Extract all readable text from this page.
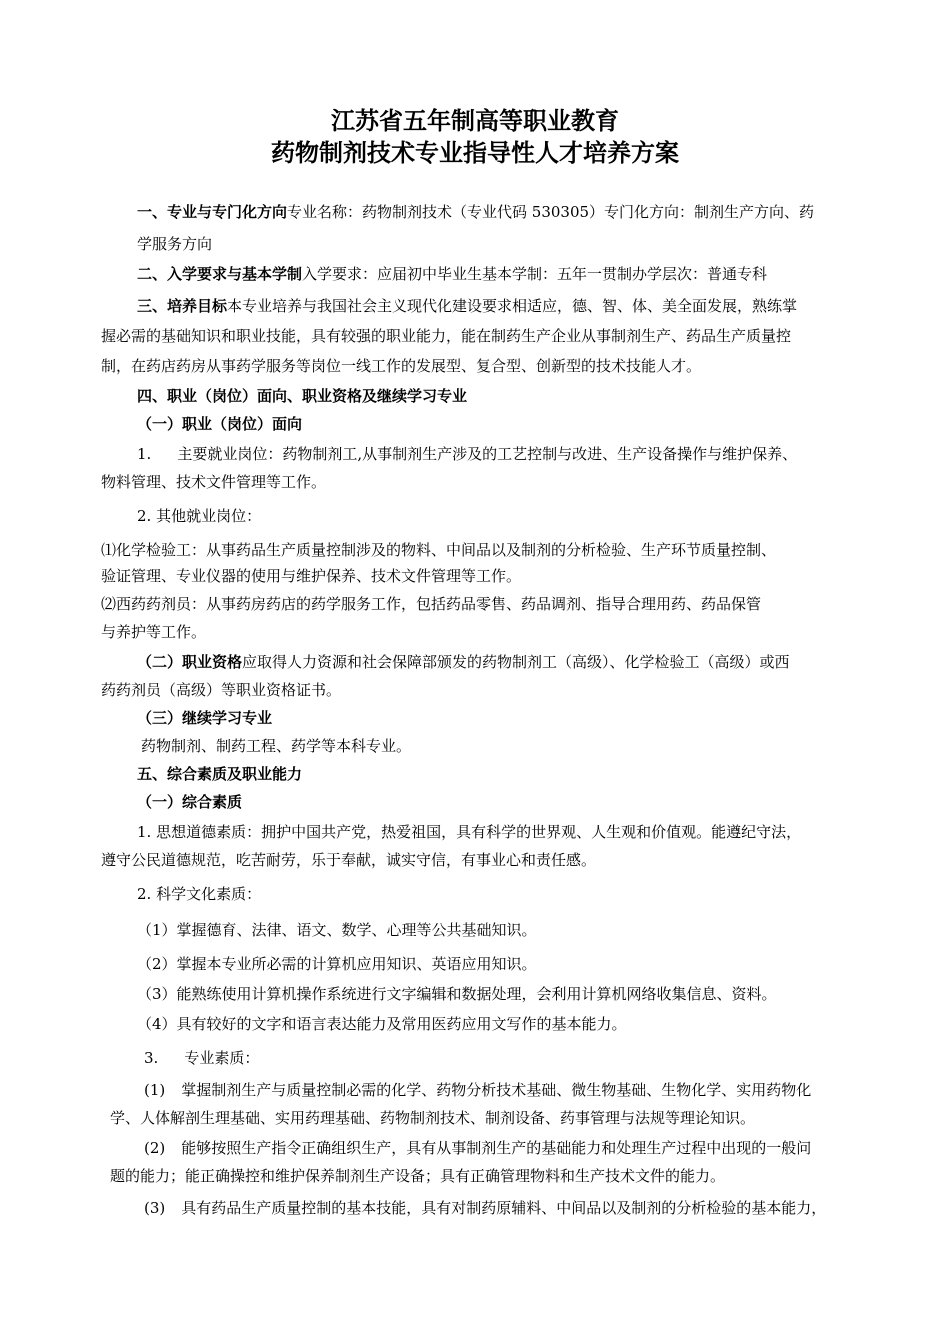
江苏省五年制高等职业教育
药物制剂技术专业指导性人才培养方案
一、专业与专门化方向专业名称：药物制剂技术（专业代码 530305）专门化方向：制剂生产方向、药
学服务方向
二、入学要求与基本学制入学要求：应届初中毕业生基本学制：五年一贯制办学层次：普通专科
三、培养目标本专业培养与我国社会主义现代化建设要求相适应，德、智、体、美全面发展，熟练掌
握必需的基础知识和职业技能，具有较强的职业能力，能在制药生产企业从事制剂生产、药品生产质量控
制，在药店药房从事药学服务等岗位一线工作的发展型、复合型、创新型的技术技能人才。
四、职业（岗位）面向、职业资格及继续学习专业
（一）职业（岗位）面向
1. 主要就业岗位：药物制剂工,从事制剂生产涉及的工艺控制与改进、生产设备操作与维护保养、
物料管理、技术文件管理等工作。
2. 其他就业岗位：
⑴化学检验工：从事药品生产质量控制涉及的物料、中间品以及制剂的分析检验、生产环节质量控制、
验证管理、专业仪器的使用与维护保养、技术文件管理等工作。
⑵西药药剂员：从事药房药店的药学服务工作，包括药品零售、药品调剂、指导合理用药、药品保管
与养护等工作。
（二）职业资格应取得人力资源和社会保障部颁发的药物制剂工（高级）、化学检验工（高级）或西
药药剂员（高级）等职业资格证书。
（三）继续学习专业
药物制剂、制药工程、药学等本科专业。
五、综合素质及职业能力
（一）综合素质
1. 思想道德素质：拥护中国共产党，热爱祖国，具有科学的世界观、人生观和价值观。能遵纪守法，
遵守公民道德规范，吃苦耐劳，乐于奉献，诚实守信，有事业心和责任感。
2. 科学文化素质：
（1）掌握德育、法律、语文、数学、心理等公共基础知识。
（2）掌握本专业所必需的计算机应用知识、英语应用知识。
（3）能熟练使用计算机操作系统进行文字编辑和数据处理，会利用计算机网络收集信息、资料。
（4）具有较好的文字和语言表达能力及常用医药应用文写作的基本能力。
3. 专业素质：
(1) 掌握制剂生产与质量控制必需的化学、药物分析技术基础、微生物基础、生物化学、实用药物化
学、人体解剖生理基础、实用药理基础、药物制剂技术、制剂设备、药事管理与法规等理论知识。
(2) 能够按照生产指令正确组织生产，具有从事制剂生产的基础能力和处理生产过程中出现的一般问
题的能力；能正确操控和维护保养制剂生产设备；具有正确管理物料和生产技术文件的能力。
(3) 具有药品生产质量控制的基本技能，具有对制药原辅料、中间品以及制剂的分析检验的基本能力，
